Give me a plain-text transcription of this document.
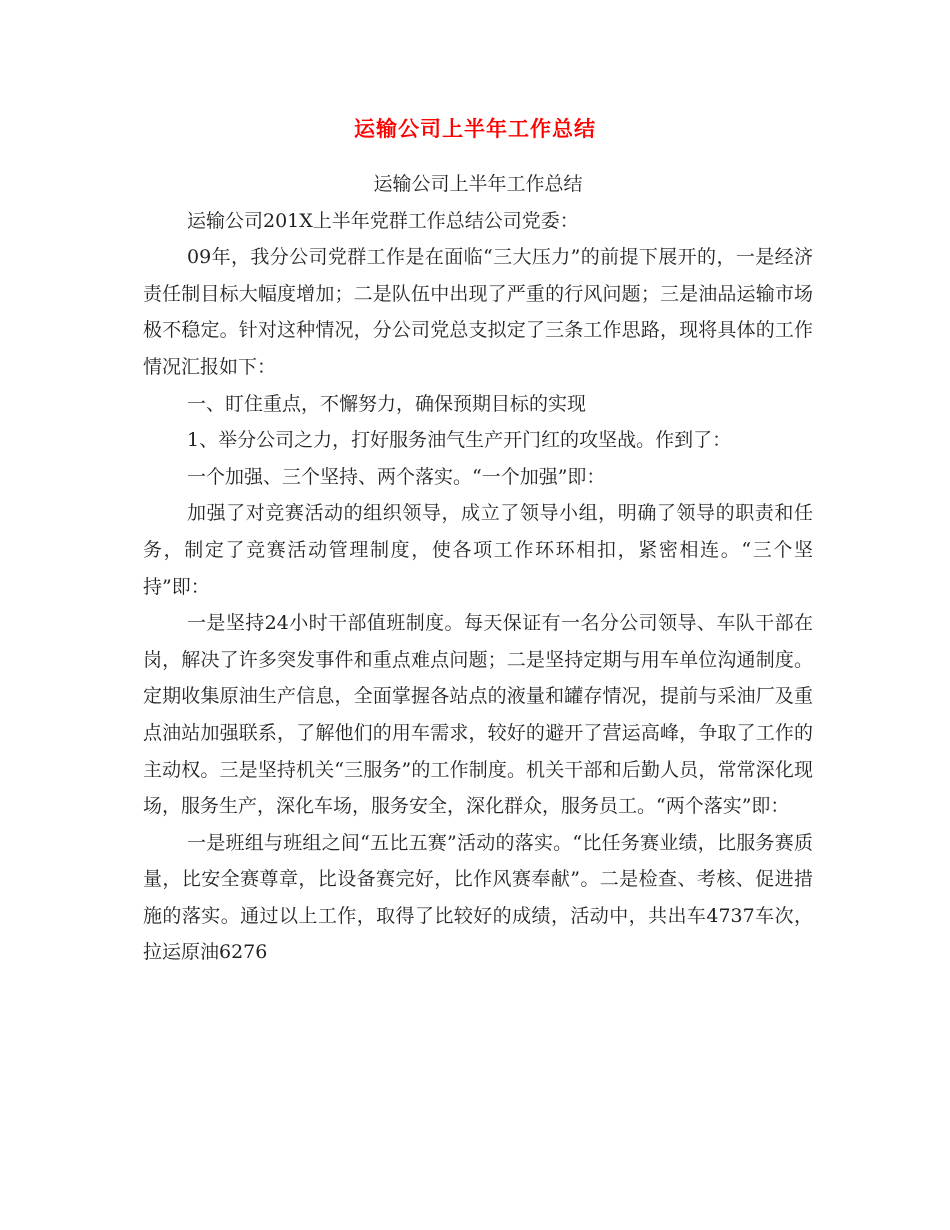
运输公司上半年工作总结

运输公司上半年工作总结

运输公司201X上半年党群工作总结公司党委：

09年，我分公司党群工作是在面临“三大压力”的前提下展开的，一是经济责任制目标大幅度增加；二是队伍中出现了严重的行风问题；三是油品运输市场极不稳定。针对这种情况，分公司党总支拟定了三条工作思路，现将具体的工作情况汇报如下：

一、盯住重点，不懈努力，确保预期目标的实现

1、举分公司之力，打好服务油气生产开门红的攻坚战。作到了：

一个加强、三个坚持、两个落实。“一个加强”即：

加强了对竞赛活动的组织领导，成立了领导小组，明确了领导的职责和任务，制定了竞赛活动管理制度，使各项工作环环相扣，紧密相连。“三个坚持”即：

一是坚持24小时干部值班制度。每天保证有一名分公司领导、车队干部在岗，解决了许多突发事件和重点难点问题；二是坚持定期与用车单位沟通制度。定期收集原油生产信息，全面掌握各站点的液量和罐存情况，提前与采油厂及重点油站加强联系，了解他们的用车需求，较好的避开了营运高峰，争取了工作的主动权。三是坚持机关“三服务”的工作制度。机关干部和后勤人员，常常深化现场，服务生产，深化车场，服务安全，深化群众，服务员工。“两个落实”即：

一是班组与班组之间“五比五赛”活动的落实。“比任务赛业绩，比服务赛质量，比安全赛尊章，比设备赛完好，比作风赛奉献”。二是检查、考核、促进措施的落实。通过以上工作，取得了比较好的成绩，活动中，共出车4737车次，拉运原油6276
